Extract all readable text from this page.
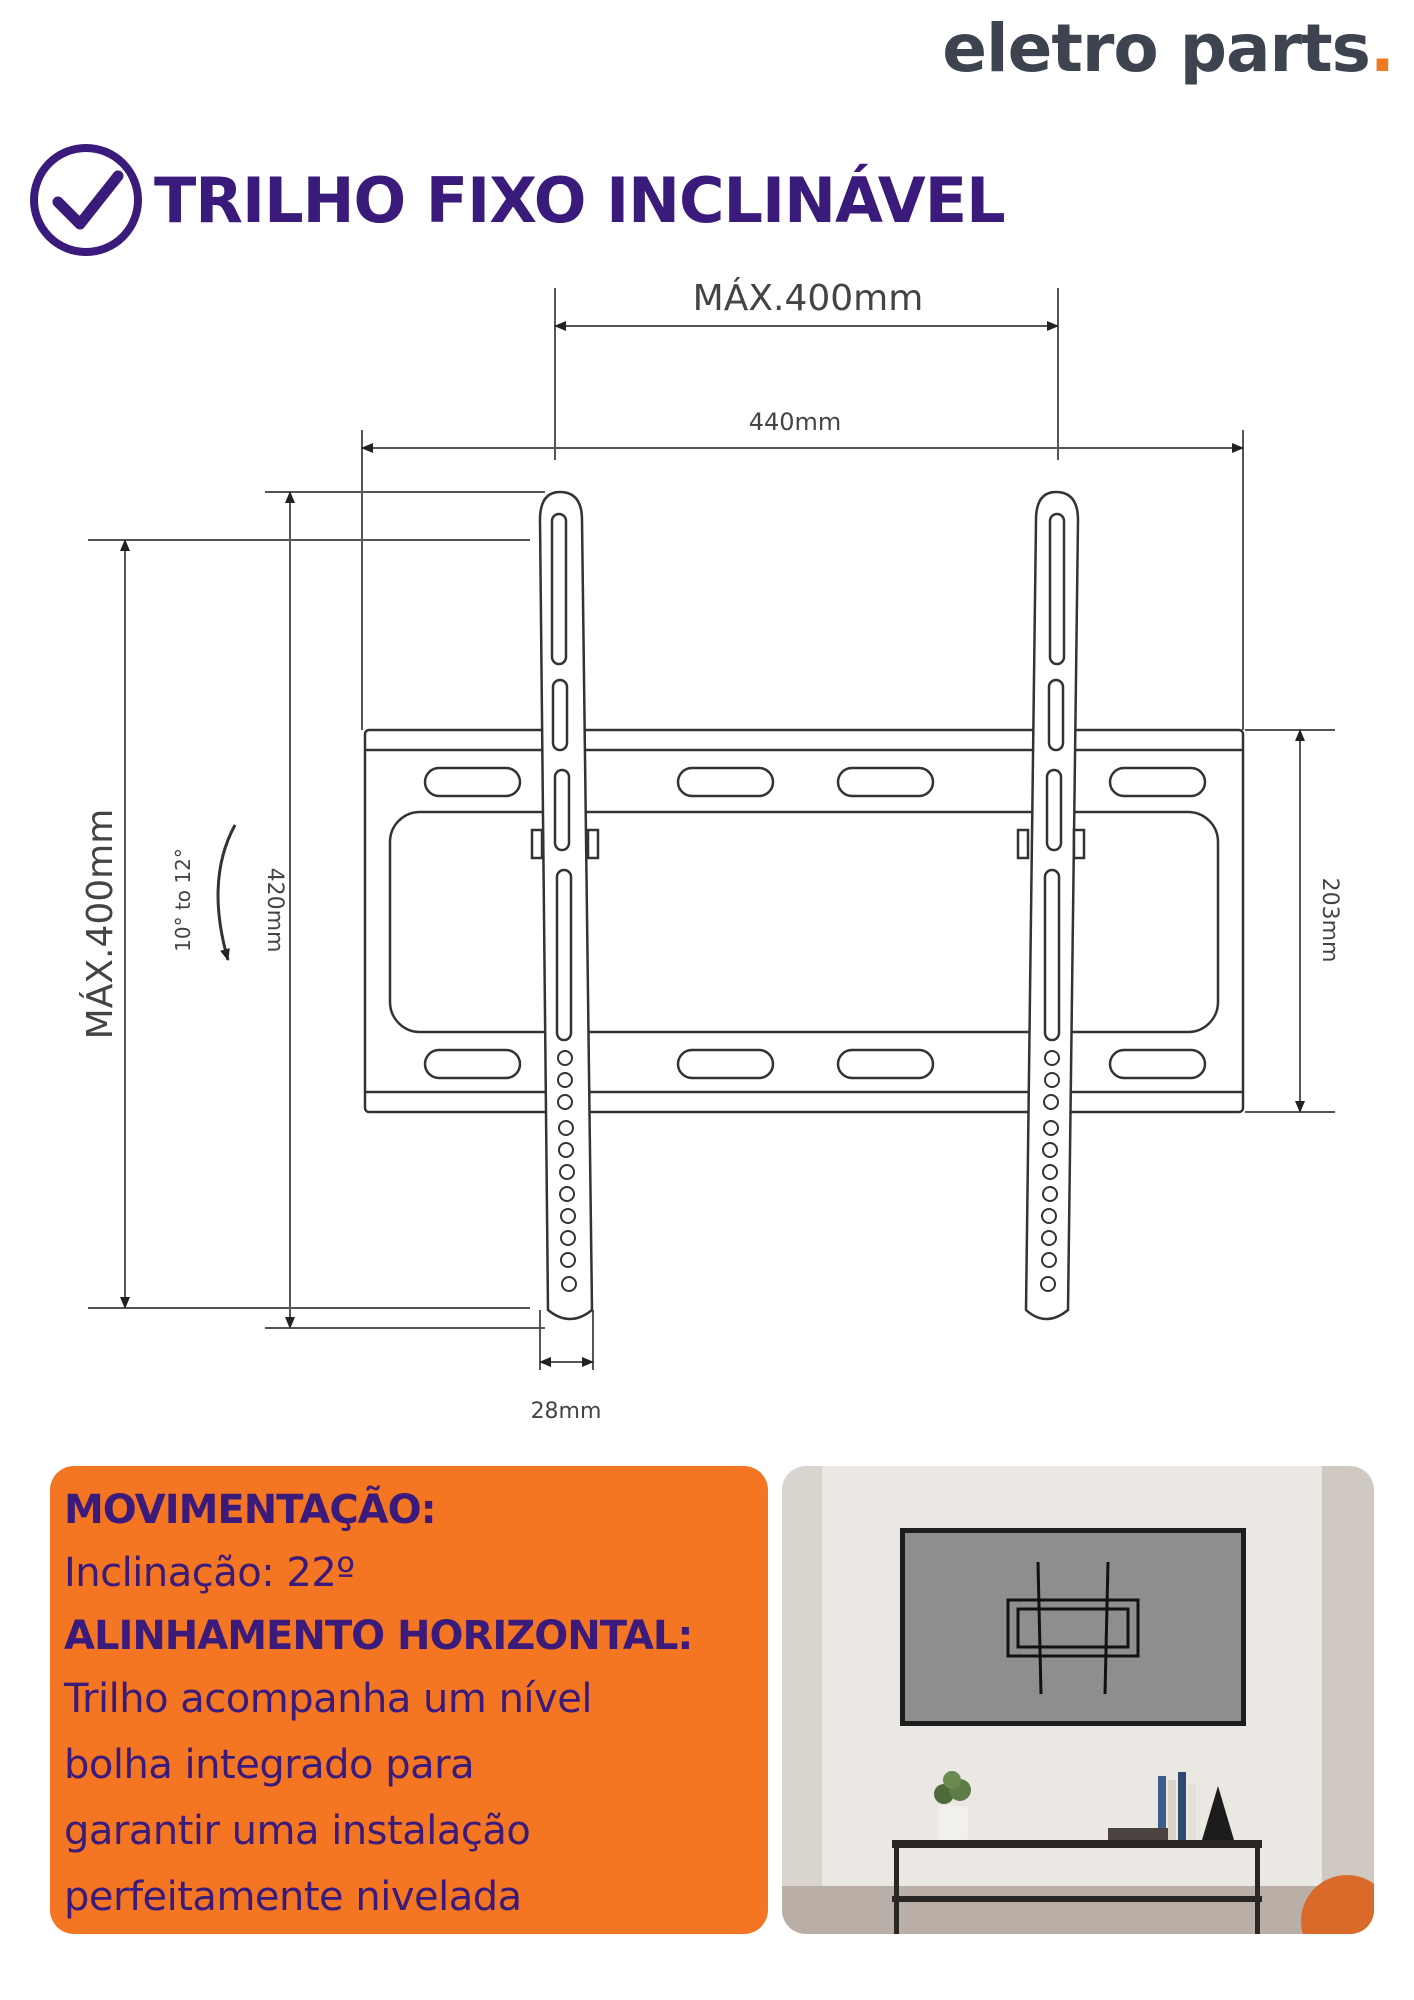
eletro parts.
TRILHO FIXO INCLINÁVEL
MÁX.400mm
440mm
MÁX.400mm	420mm
10° to 12°	203mm
28mm
MOVIMENTAÇÃO:
Inclinação: 22º
ALINHAMENTO HORIZONTAL:
Trilho acompanha um nível
bolha integrado para
garantir uma instalação
perfeitamente nivelada
